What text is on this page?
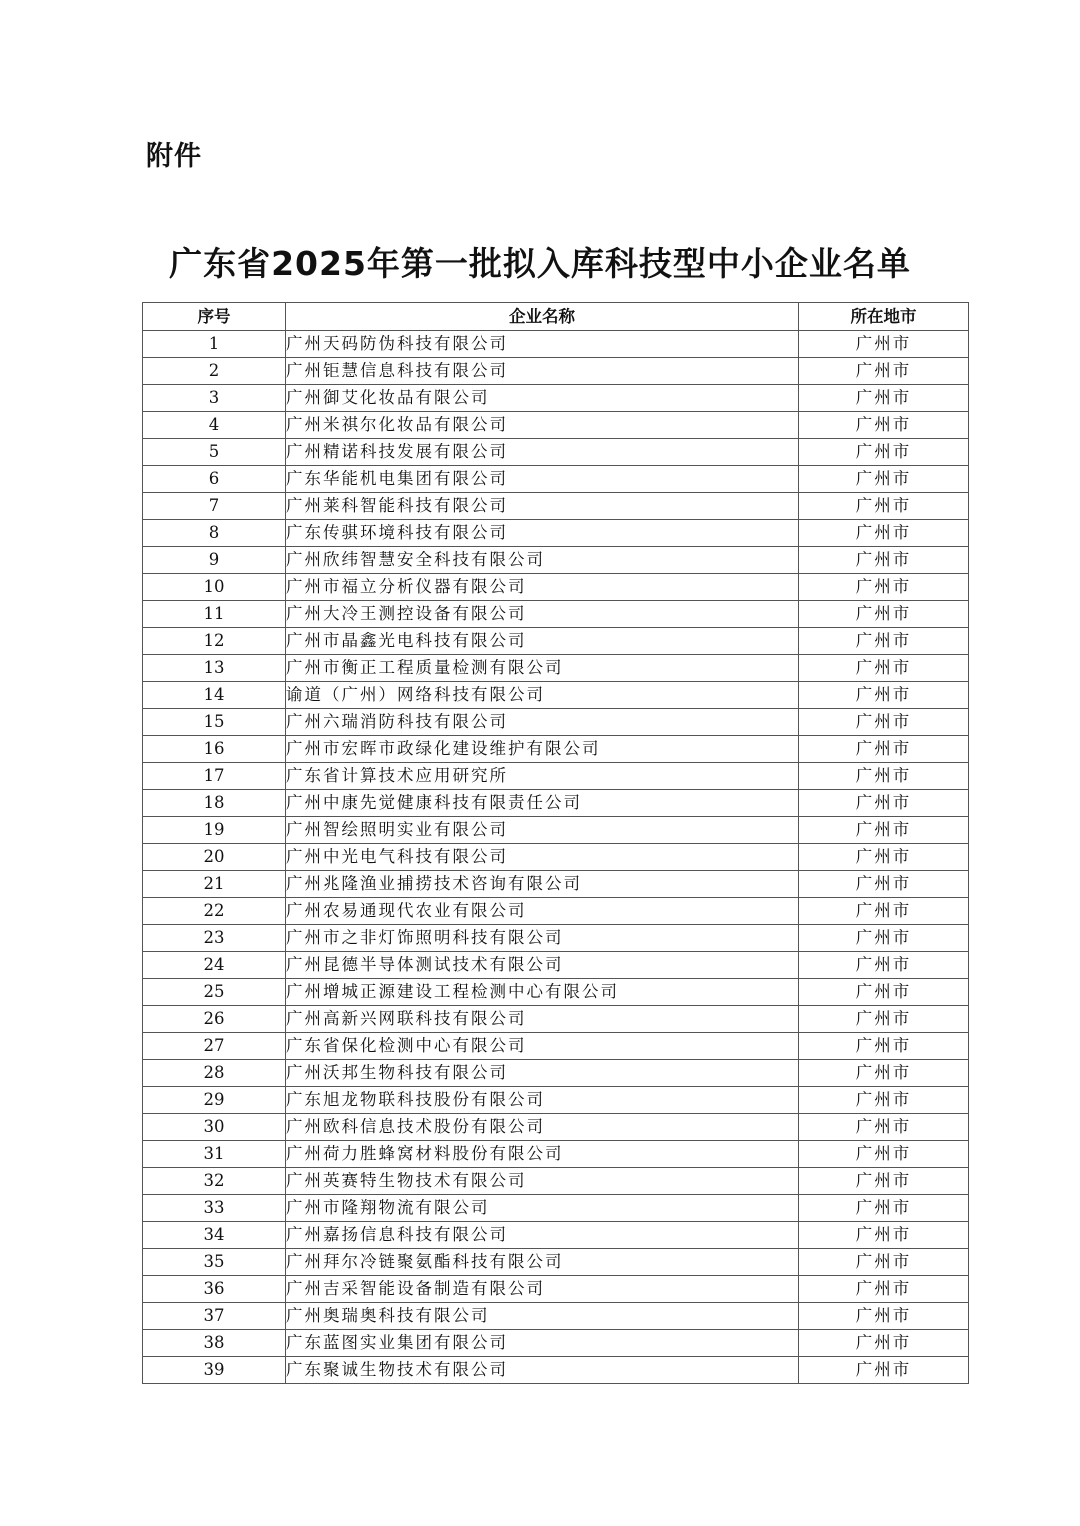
附件
广东省2025年第一批拟入库科技型中小企业名单
序号	企业名称	所在地市
1	广州天码防伪科技有限公司	广州市
2	广州钜慧信息科技有限公司	广州市
3	广州御艾化妆品有限公司	广州市
4	广州米祺尔化妆品有限公司	广州市
5	广州精诺科技发展有限公司	广州市
6	广东华能机电集团有限公司	广州市
7	广州莱科智能科技有限公司	广州市
8	广东传骐环境科技有限公司	广州市
9	广州欣纬智慧安全科技有限公司	广州市
10	广州市福立分析仪器有限公司	广州市
11	广州大冷王测控设备有限公司	广州市
12	广州市晶鑫光电科技有限公司	广州市
13	广州市衡正工程质量检测有限公司	广州市
14	谕道（广州）网络科技有限公司	广州市
15	广州六瑞消防科技有限公司	广州市
16	广州市宏晖市政绿化建设维护有限公司	广州市
17	广东省计算技术应用研究所	广州市
18	广州中康先觉健康科技有限责任公司	广州市
19	广州智绘照明实业有限公司	广州市
20	广州中光电气科技有限公司	广州市
21	广州兆隆渔业捕捞技术咨询有限公司	广州市
22	广州农易通现代农业有限公司	广州市
23	广州市之非灯饰照明科技有限公司	广州市
24	广州昆德半导体测试技术有限公司	广州市
25	广州增城正源建设工程检测中心有限公司	广州市
26	广州高新兴网联科技有限公司	广州市
27	广东省保化检测中心有限公司	广州市
28	广州沃邦生物科技有限公司	广州市
29	广东旭龙物联科技股份有限公司	广州市
30	广州欧科信息技术股份有限公司	广州市
31	广州荷力胜蜂窝材料股份有限公司	广州市
32	广州英赛特生物技术有限公司	广州市
33	广州市隆翔物流有限公司	广州市
34	广州嘉扬信息科技有限公司	广州市
35	广州拜尔冷链聚氨酯科技有限公司	广州市
36	广州吉采智能设备制造有限公司	广州市
37	广州奥瑞奥科技有限公司	广州市
38	广东蓝图实业集团有限公司	广州市
39	广东聚诚生物技术有限公司	广州市
